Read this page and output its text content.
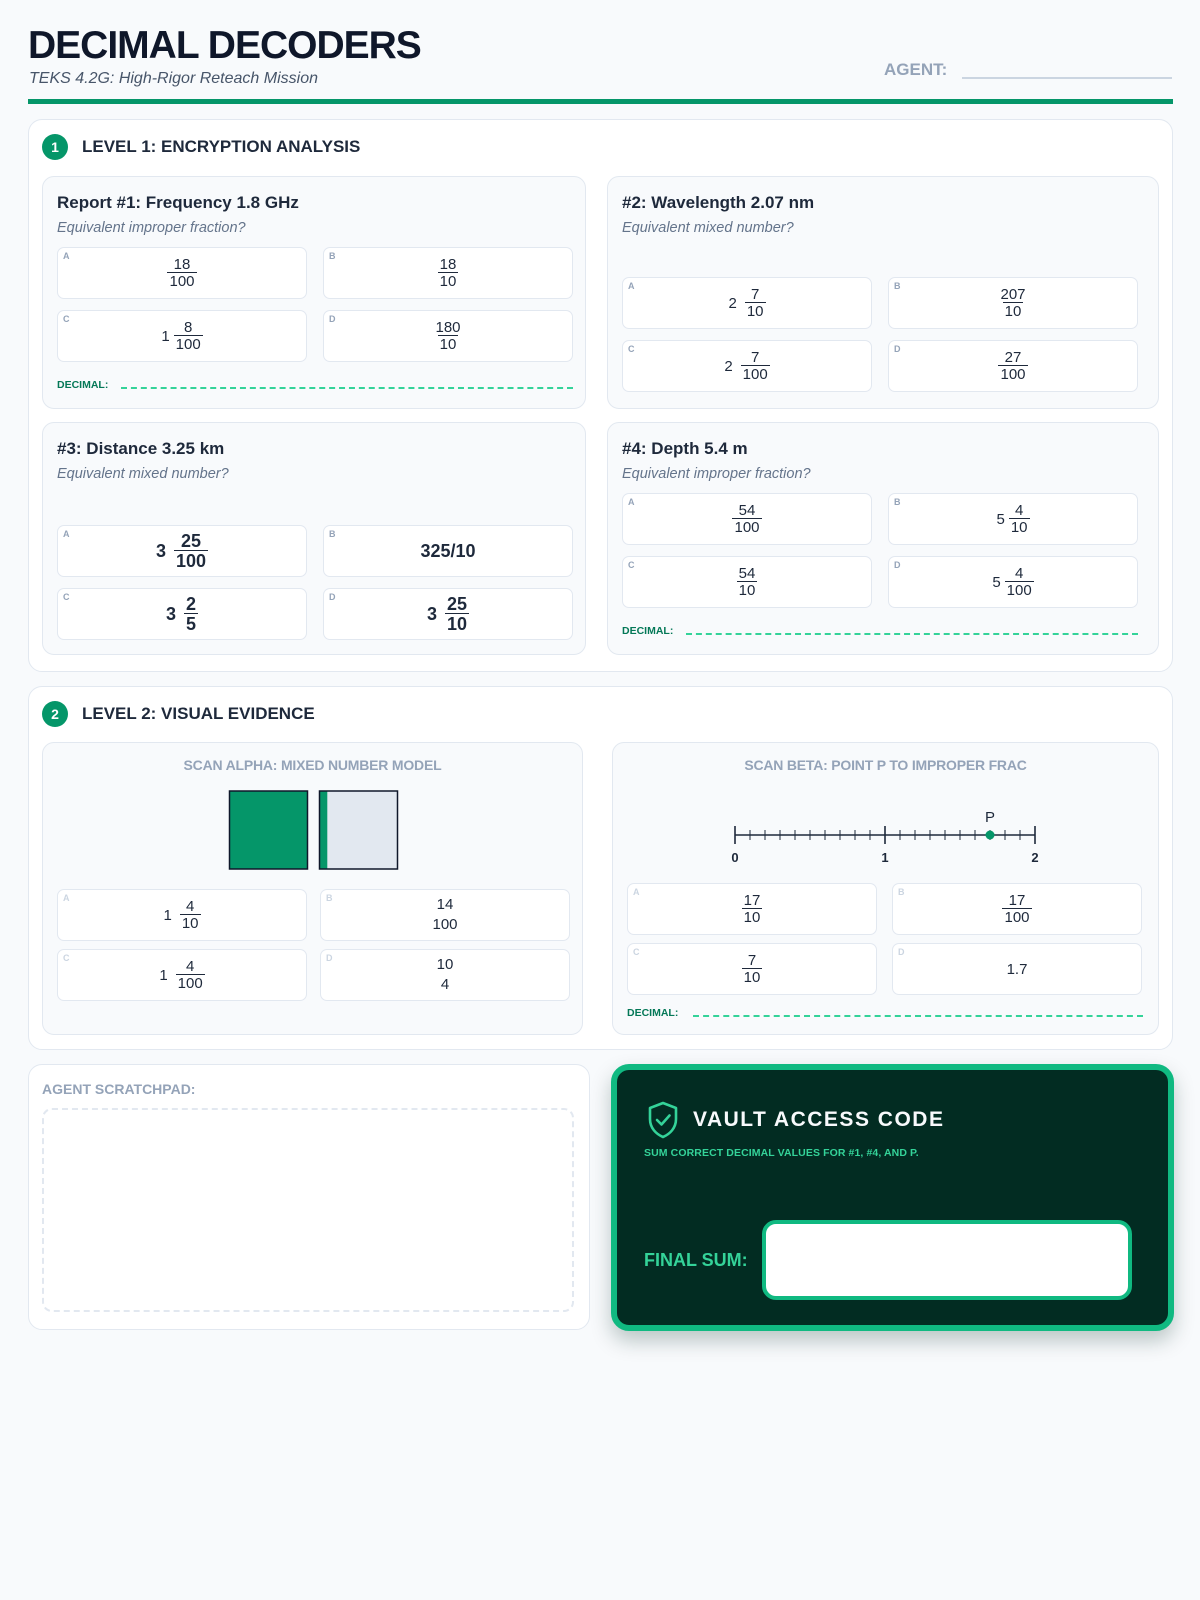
DECIMAL DECODERS
TEKS 4.2G: High-Rigor Reteach Mission	AGENT:
1	LEVEL 1: ENCRYPTION ANALYSIS
Report #1: Frequency 1.8 GHz
Equivalent improper fraction?
A
$\frac{18}{100}$
B
$\frac{18}{10}$
C
$1 \frac{8}{100}$
D
$\frac{180}{10}$
DECIMAL:
#2: Wavelength 2.07 nm
Equivalent mixed number?
A
$2 \frac{7}{10}$
B
$\frac{207}{10}$
C
$2 \frac{7}{100}$
D
$\frac{27}{100}$
#3: Distance 3.25 km
Equivalent mixed number?
A
$3 \frac{25}{100}$	B
325/10
C
$3 \frac{2}{5}$	D
$3 \frac{25}{10}$
#4: Depth 5.4 m
Equivalent improper fraction?
A
$\frac{54}{100}$
B
$5 \frac{4}{10}$
C
$\frac{54}{10}$
D
$5 \frac{4}{100}$
DECIMAL:
2	LEVEL 2: VISUAL EVIDENCE
SCAN ALPHA: MIXED NUMBER MODEL
A
$1 \frac{4}{10}$
B	14
100
C
$1 \frac{4}{100}$
D	10
4
SCAN BETA: POINT P TO IMPROPER FRAC
0	1	2
P
A
$\frac{17}{10}$
B
$\frac{17}{100}$
C
$\frac{7}{10}$
D
1.7
DECIMAL:
AGENT SCRATCHPAD:
VAULT ACCESS CODE
SUM CORRECT DECIMAL VALUES FOR #1, #4, AND P.
FINAL SUM:
